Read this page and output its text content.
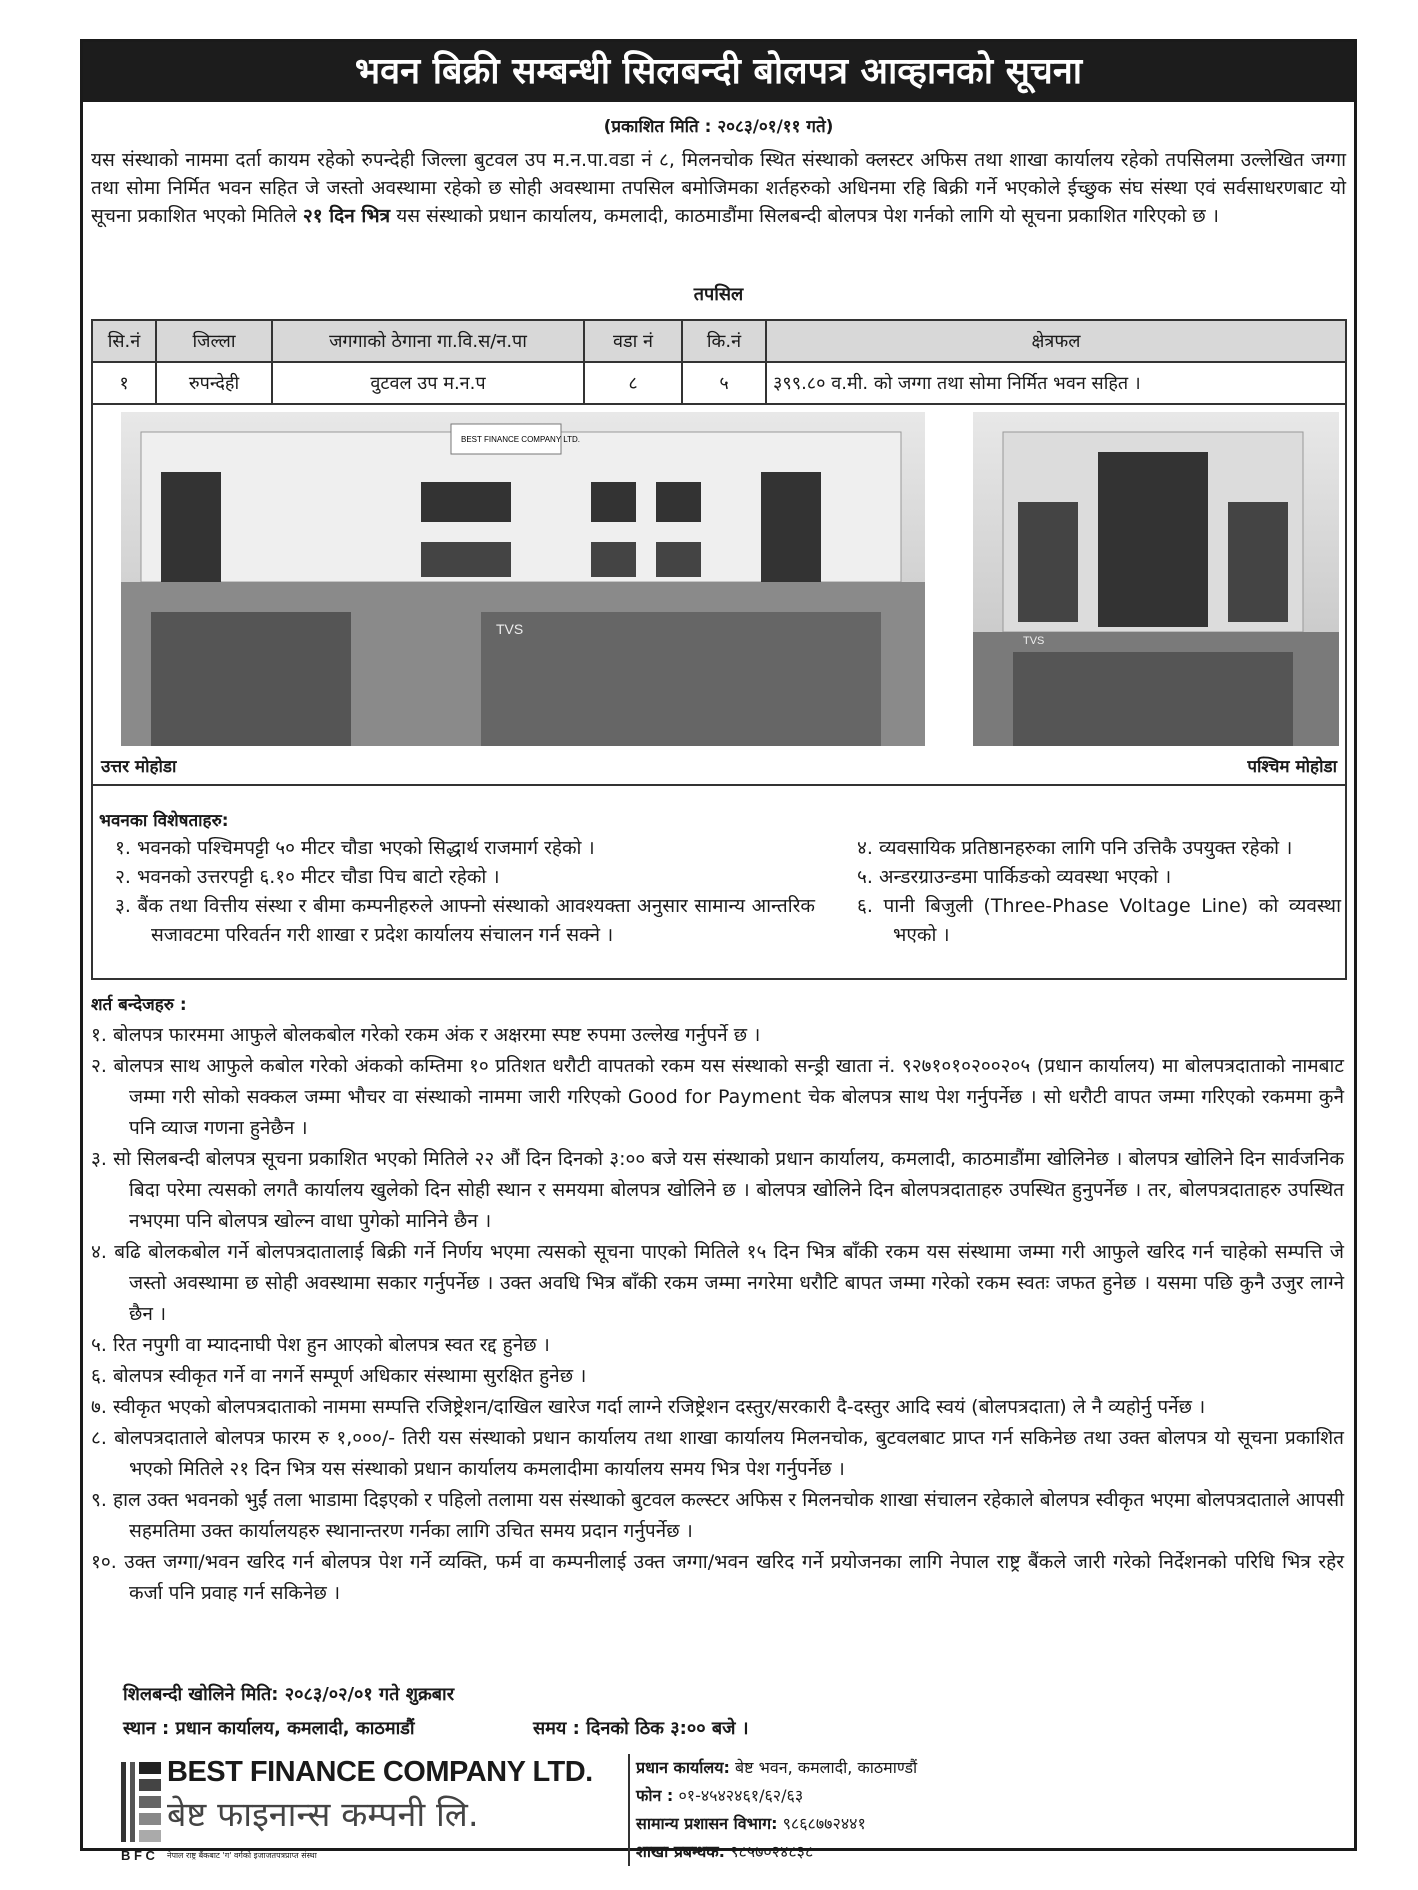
भवन बिक्री सम्बन्धी सिलबन्दी बोलपत्र आव्हानको सूचना
(प्रकाशित मिति : २०८३/०१/११ गते)

यस संस्थाको नाममा दर्ता कायम रहेको रुपन्देही जिल्ला बुटवल उप म.न.पा.वडा नं ८, मिलनचोक स्थित संस्थाको क्लस्टर अफिस तथा शाखा कार्यालय रहेको तपसिलमा उल्लेखित जग्गा तथा सोमा निर्मित भवन सहित जे जस्तो अवस्थामा रहेको छ सोही अवस्थामा तपसिल बमोजिमका शर्तहरुको अधिनमा रहि बिक्री गर्ने भएकोले ईच्छुक संघ संस्था एवं सर्वसाधरणबाट यो सूचना प्रकाशित भएको मितिले २१ दिन भित्र यस संस्थाको प्रधान कार्यालय, कमलादी, काठमाडौंमा सिलबन्दी बोलपत्र पेश गर्नको लागि यो सूचना प्रकाशित गरिएको छ ।

तपसिल
सि.नं	जिल्ला	जगगाको ठेगाना गा.वि.स/न.पा	वडा नं	कि.नं	क्षेत्रफल
१	रुपन्देही	वुटवल उप म.न.प	८	५	३९९.८० व.मी. को जग्गा तथा सोमा निर्मित भवन सहित ।
BEST FINANCE COMPANY LTD.
TVS
TVS
उत्तर मोहोडा	पश्चिम मोहोडा
भवनका विशेषताहरु:
१. भवनको पश्चिमपट्टी ५० मीटर चौडा भएको सिद्धार्थ राजमार्ग रहेको ।
२. भवनको उत्तरपट्टी ६.१० मीटर चौडा पिच बाटो रहेको ।
३. बैंक तथा वित्तीय संस्था र बीमा कम्पनीहरुले आफ्नो संस्थाको आवश्यक्ता अनुसार सामान्य आन्तरिक सजावटमा परिवर्तन गरी शाखा र प्रदेश कार्यालय संचालन गर्न सक्ने ।
४. व्यवसायिक प्रतिष्ठानहरुका लागि पनि उत्तिकै उपयुक्त रहेको ।
५. अन्डरग्राउन्डमा पार्किङको व्यवस्था भएको ।
६. पानी बिजुली (Three-Phase Voltage Line) को व्यवस्था भएको ।
शर्त बन्देजहरु :
१. बोलपत्र फारममा आफुले बोलकबोल गरेको रकम अंक र अक्षरमा स्पष्ट रुपमा उल्लेख गर्नुपर्ने छ ।
२. बोलपत्र साथ आफुले कबोल गरेको अंकको कम्तिमा १० प्रतिशत धरौटी वापतको रकम यस संस्थाको सन्ड्री खाता नं. ९२७१०१०२००२०५ (प्रधान कार्यालय) मा बोलपत्रदाताको नामबाट जम्मा गरी सोको सक्कल जम्मा भौचर वा संस्थाको नाममा जारी गरिएको Good for Payment चेक बोलपत्र साथ पेश गर्नुपर्नेछ । सो धरौटी वापत जम्मा गरिएको रकममा कुनै पनि व्याज गणना हुनेछैन ।
३. सो सिलबन्दी बोलपत्र सूचना प्रकाशित भएको मितिले २२ औं दिन दिनको ३:०० बजे यस संस्थाको प्रधान कार्यालय, कमलादी, काठमाडौंमा खोलिनेछ । बोलपत्र खोलिने दिन सार्वजनिक बिदा परेमा त्यसको लगतै कार्यालय खुलेको दिन सोही स्थान र समयमा बोलपत्र खोलिने छ । बोलपत्र खोलिने दिन बोलपत्रदाताहरु उपस्थित हुनुपर्नेछ । तर, बोलपत्रदाताहरु उपस्थित नभएमा पनि बोलपत्र खोल्न वाधा पुगेको मानिने छैन ।
४. बढि बोलकबोल गर्ने बोलपत्रदातालाई बिक्री गर्ने निर्णय भएमा त्यसको सूचना पाएको मितिले १५ दिन भित्र बाँकी रकम यस संस्थामा जम्मा गरी आफुले खरिद गर्न चाहेको सम्पत्ति जे जस्तो अवस्थामा छ सोही अवस्थामा सकार गर्नुपर्नेछ । उक्त अवधि भित्र बाँकी रकम जम्मा नगरेमा धरौटि बापत जम्मा गरेको रकम स्वतः जफत हुनेछ । यसमा पछि कुनै उजुर लाग्ने छैन ।
५. रित नपुगी वा म्यादनाघी पेश हुन आएको बोलपत्र स्वत रद्द हुनेछ ।
६. बोलपत्र स्वीकृत गर्ने वा नगर्ने सम्पूर्ण अधिकार संस्थामा सुरक्षित हुनेछ ।
७. स्वीकृत भएको बोलपत्रदाताको नाममा सम्पत्ति रजिष्ट्रेशन/दाखिल खारेज गर्दा लाग्ने रजिष्ट्रेशन दस्तुर/सरकारी दै-दस्तुर आदि स्वयं (बोलपत्रदाता) ले नै व्यहोर्नु पर्नेछ ।
८. बोलपत्रदाताले बोलपत्र फारम रु १,०००/- तिरी यस संस्थाको प्रधान कार्यालय तथा शाखा कार्यालय मिलनचोक, बुटवलबाट प्राप्त गर्न सकिनेछ तथा उक्त बोलपत्र यो सूचना प्रकाशित भएको मितिले २१ दिन भित्र यस संस्थाको प्रधान कार्यालय कमलादीमा कार्यालय समय भित्र पेश गर्नुपर्नेछ ।
९. हाल उक्त भवनको भुईं तला भाडामा दिइएको र पहिलो तलामा यस संस्थाको बुटवल कल्स्टर अफिस र मिलनचोक शाखा संचालन रहेकाले बोलपत्र स्वीकृत भएमा बोलपत्रदाताले आपसी सहमतिमा उक्त कार्यालयहरु स्थानान्तरण गर्नका लागि उचित समय प्रदान गर्नुपर्नेछ ।
१०. उक्त जग्गा/भवन खरिद गर्न बोलपत्र पेश गर्ने व्यक्ति, फर्म वा कम्पनीलाई उक्त जग्गा/भवन खरिद गर्ने प्रयोजनका लागि नेपाल राष्ट्र बैंकले जारी गरेको निर्देशनको परिधि भित्र रहेर कर्जा पनि प्रवाह गर्न सकिनेछ ।
शिलबन्दी खोलिने मिति: २०८३/०२/०१ गते शुक्रबार
स्थान : प्रधान कार्यालय, कमलादी, काठमाडौं	समय : दिनको ठिक ३:०० बजे ।
BEST FINANCE COMPANY LTD.
बेष्ट फाइनान्स कम्पनी लि.
B F C नेपाल राष्ट्र बैंकबाट 'ग' वर्गको इजाजतपत्रप्राप्त संस्था
प्रधान कार्यालय: बेष्ट भवन, कमलादी, काठमाण्डौं
फोन : ०१-४५४२४६१/६२/६३
सामान्य प्रशासन विभाग: ९८६८७७२४४१
शाखा प्रबन्धक: ९८५७०२४८३८
